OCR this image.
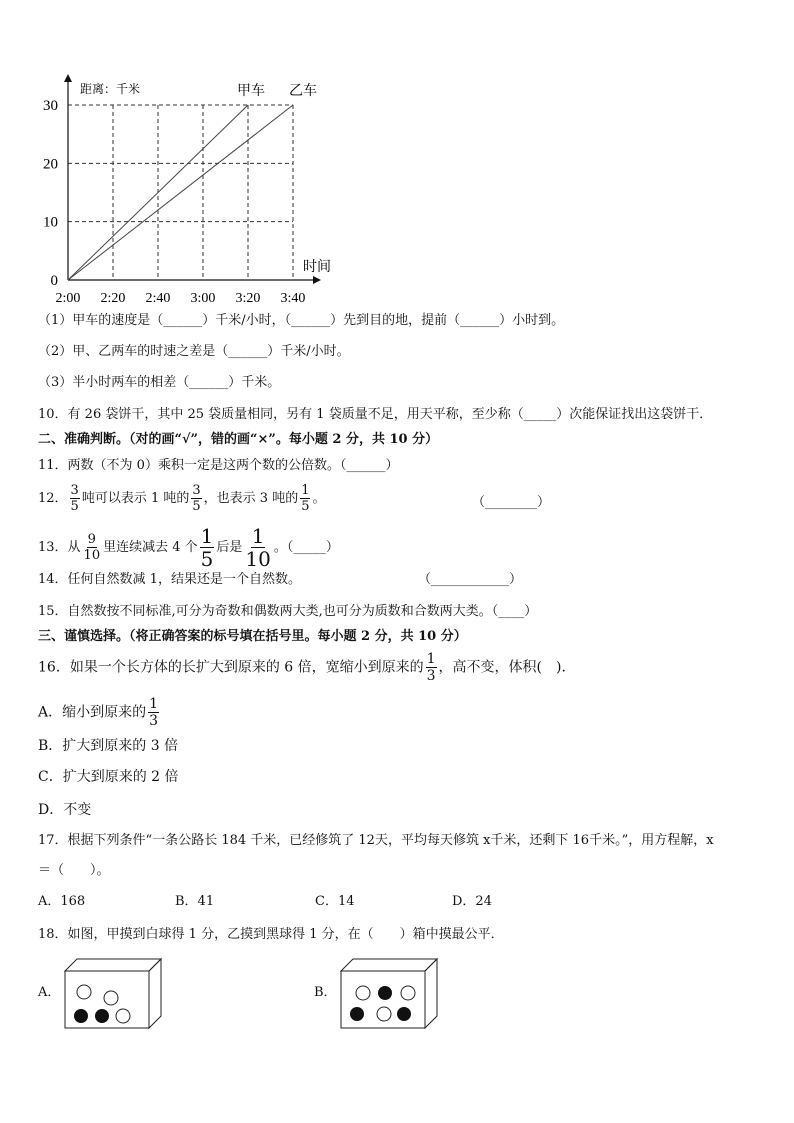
0
10
20
30
2:00 2:20 2:40 3:00 3:20 3:40
距离：千米
时间
甲车 乙车
（1）甲车的速度是（______）千米/小时，（______）先到目的地，提前（______）小时到。
（2）甲、乙两车的时速之差是（______）千米/小时。
（3）半小时两车的相差（______）千米。
10．有 26 袋饼干，其中 25 袋质量相同，另有 1 袋质量不足，用天平称，至少称（_____）次能保证找出这袋饼干．
二、准确判断。（对的画“√”，错的画“×”。每小题 2 分，共 10 分）
11．两数（不为 0）乘积一定是这两个数的公倍数。（______）
12． $\frac{3}{5}$ 吨可以表示 1 吨的 $\frac{3}{5}$ ，也表示 3 吨的 $\frac{1}{5}$ 。	（________）
13．从 $\frac{9}{10}$ 里连续减去 4 个 $\frac{1}{5}$ 后是 $\frac{1}{10}$ 。（_____）
14．任何自然数减 1，结果还是一个自然数。	（____________）
15．自然数按不同标准,可分为奇数和偶数两大类,也可分为质数和合数两大类。（____）
三、谨慎选择。（将正确答案的标号填在括号里。每小题 2 分，共 10 分）
16．如果一个长方体的长扩大到原来的 6 倍，宽缩小到原来的 $\frac{1}{3}$ ，高不变，体积(　).
A．缩小到原来的 $\frac{1}{3}$
B．扩大到原来的 3 倍
C．扩大到原来的 2 倍
D．不变
17．根据下列条件“一条公路长 184 千米，已经修筑了 12天，平均每天修筑 x千米，还剩下 16千米。”，用方程解，x
＝（　　）。
A．168	B．41	C．14	D．24
18．如图，甲摸到白球得 1 分，乙摸到黑球得 1 分，在（　　）箱中摸最公平．
A．	B．
